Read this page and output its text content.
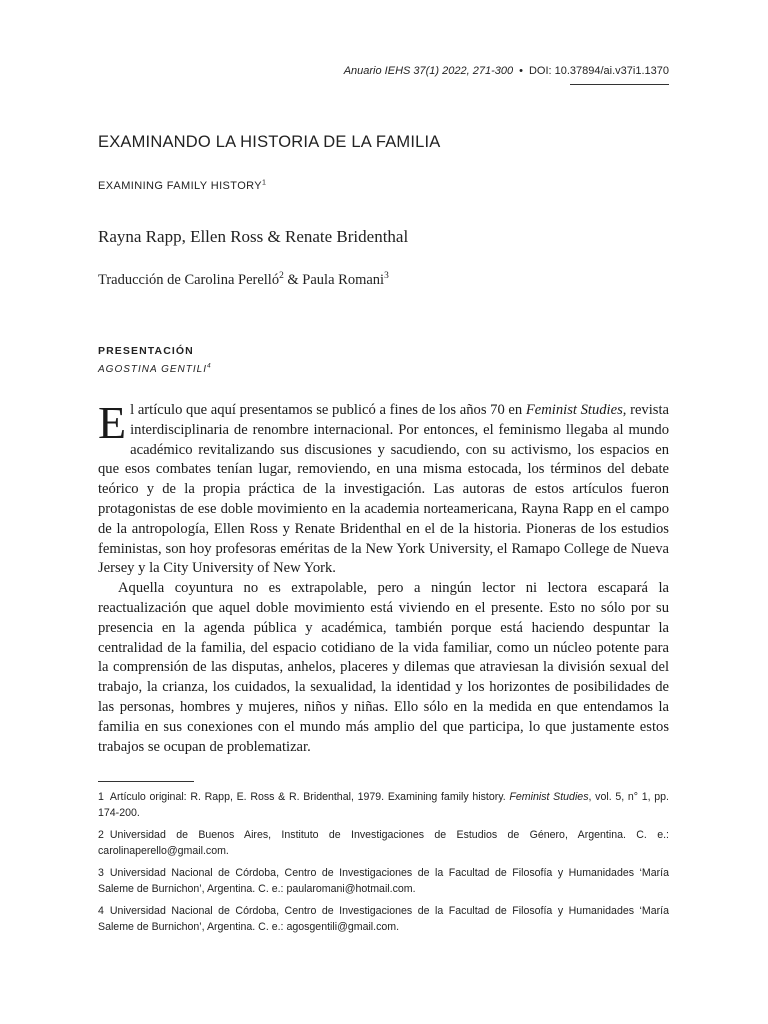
Anuario IEHS 37(1) 2022, 271-300 • DOI: 10.37894/ai.v37i1.1370
EXAMINANDO LA HISTORIA DE LA FAMILIA
EXAMINING FAMILY HISTORY$^1$
Rayna Rapp, Ellen Ross & Renate Bridenthal
Traducción de Carolina Perelló$^2$ & Paula Romani$^3$
PRESENTACIÓN
AGOSTINA GENTILI$^4$

El artículo que aquí presentamos se publicó a fines de los años 70 en Feminist Studies, revista interdisciplinaria de renombre internacional. Por entonces, el feminismo llegaba al mundo académico revitalizando sus discusiones y sacudiendo, con su activismo, los espacios en que esos combates tenían lugar, removiendo, en una misma estocada, los términos del debate teórico y de la propia práctica de la investigación. Las autoras de estos artículos fueron protagonistas de ese doble movimiento en la academia norteamericana, Rayna Rapp en el campo de la antropología, Ellen Ross y Renate Bridenthal en el de la historia. Pioneras de los estudios feministas, son hoy profesoras eméritas de la New York University, el Ramapo College de Nueva Jersey y la City University of New York.

Aquella coyuntura no es extrapolable, pero a ningún lector ni lectora escapará la reactualización que aquel doble movimiento está viviendo en el presente. Esto no sólo por su presencia en la agenda pública y académica, también porque está haciendo despuntar la centralidad de la familia, del espacio cotidiano de la vida familiar, como un núcleo potente para la comprensión de las disputas, anhelos, placeres y dilemas que atraviesan la división sexual del trabajo, la crianza, los cuidados, la sexualidad, la identidad y los horizontes de posibilidades de las personas, hombres y mujeres, niños y niñas. Ello sólo en la medida en que entendamos la familia en sus conexiones con el mundo más amplio del que participa, lo que justamente estos trabajos se ocupan de problematizar.

1 Artículo original: R. Rapp, E. Ross & R. Bridenthal, 1979. Examining family history. Feminist Studies, vol. 5, n° 1, pp. 174-200.

2 Universidad de Buenos Aires, Instituto de Investigaciones de Estudios de Género, Argentina. C. e.: carolinaperello@gmail.com.

3 Universidad Nacional de Córdoba, Centro de Investigaciones de la Facultad de Filosofía y Humanidades ‘María Saleme de Burnichon’, Argentina. C. e.: paularomani@hotmail.com.

4 Universidad Nacional de Córdoba, Centro de Investigaciones de la Facultad de Filosofía y Humanidades ‘María Saleme de Burnichon’, Argentina. C. e.: agosgentili@gmail.com.
